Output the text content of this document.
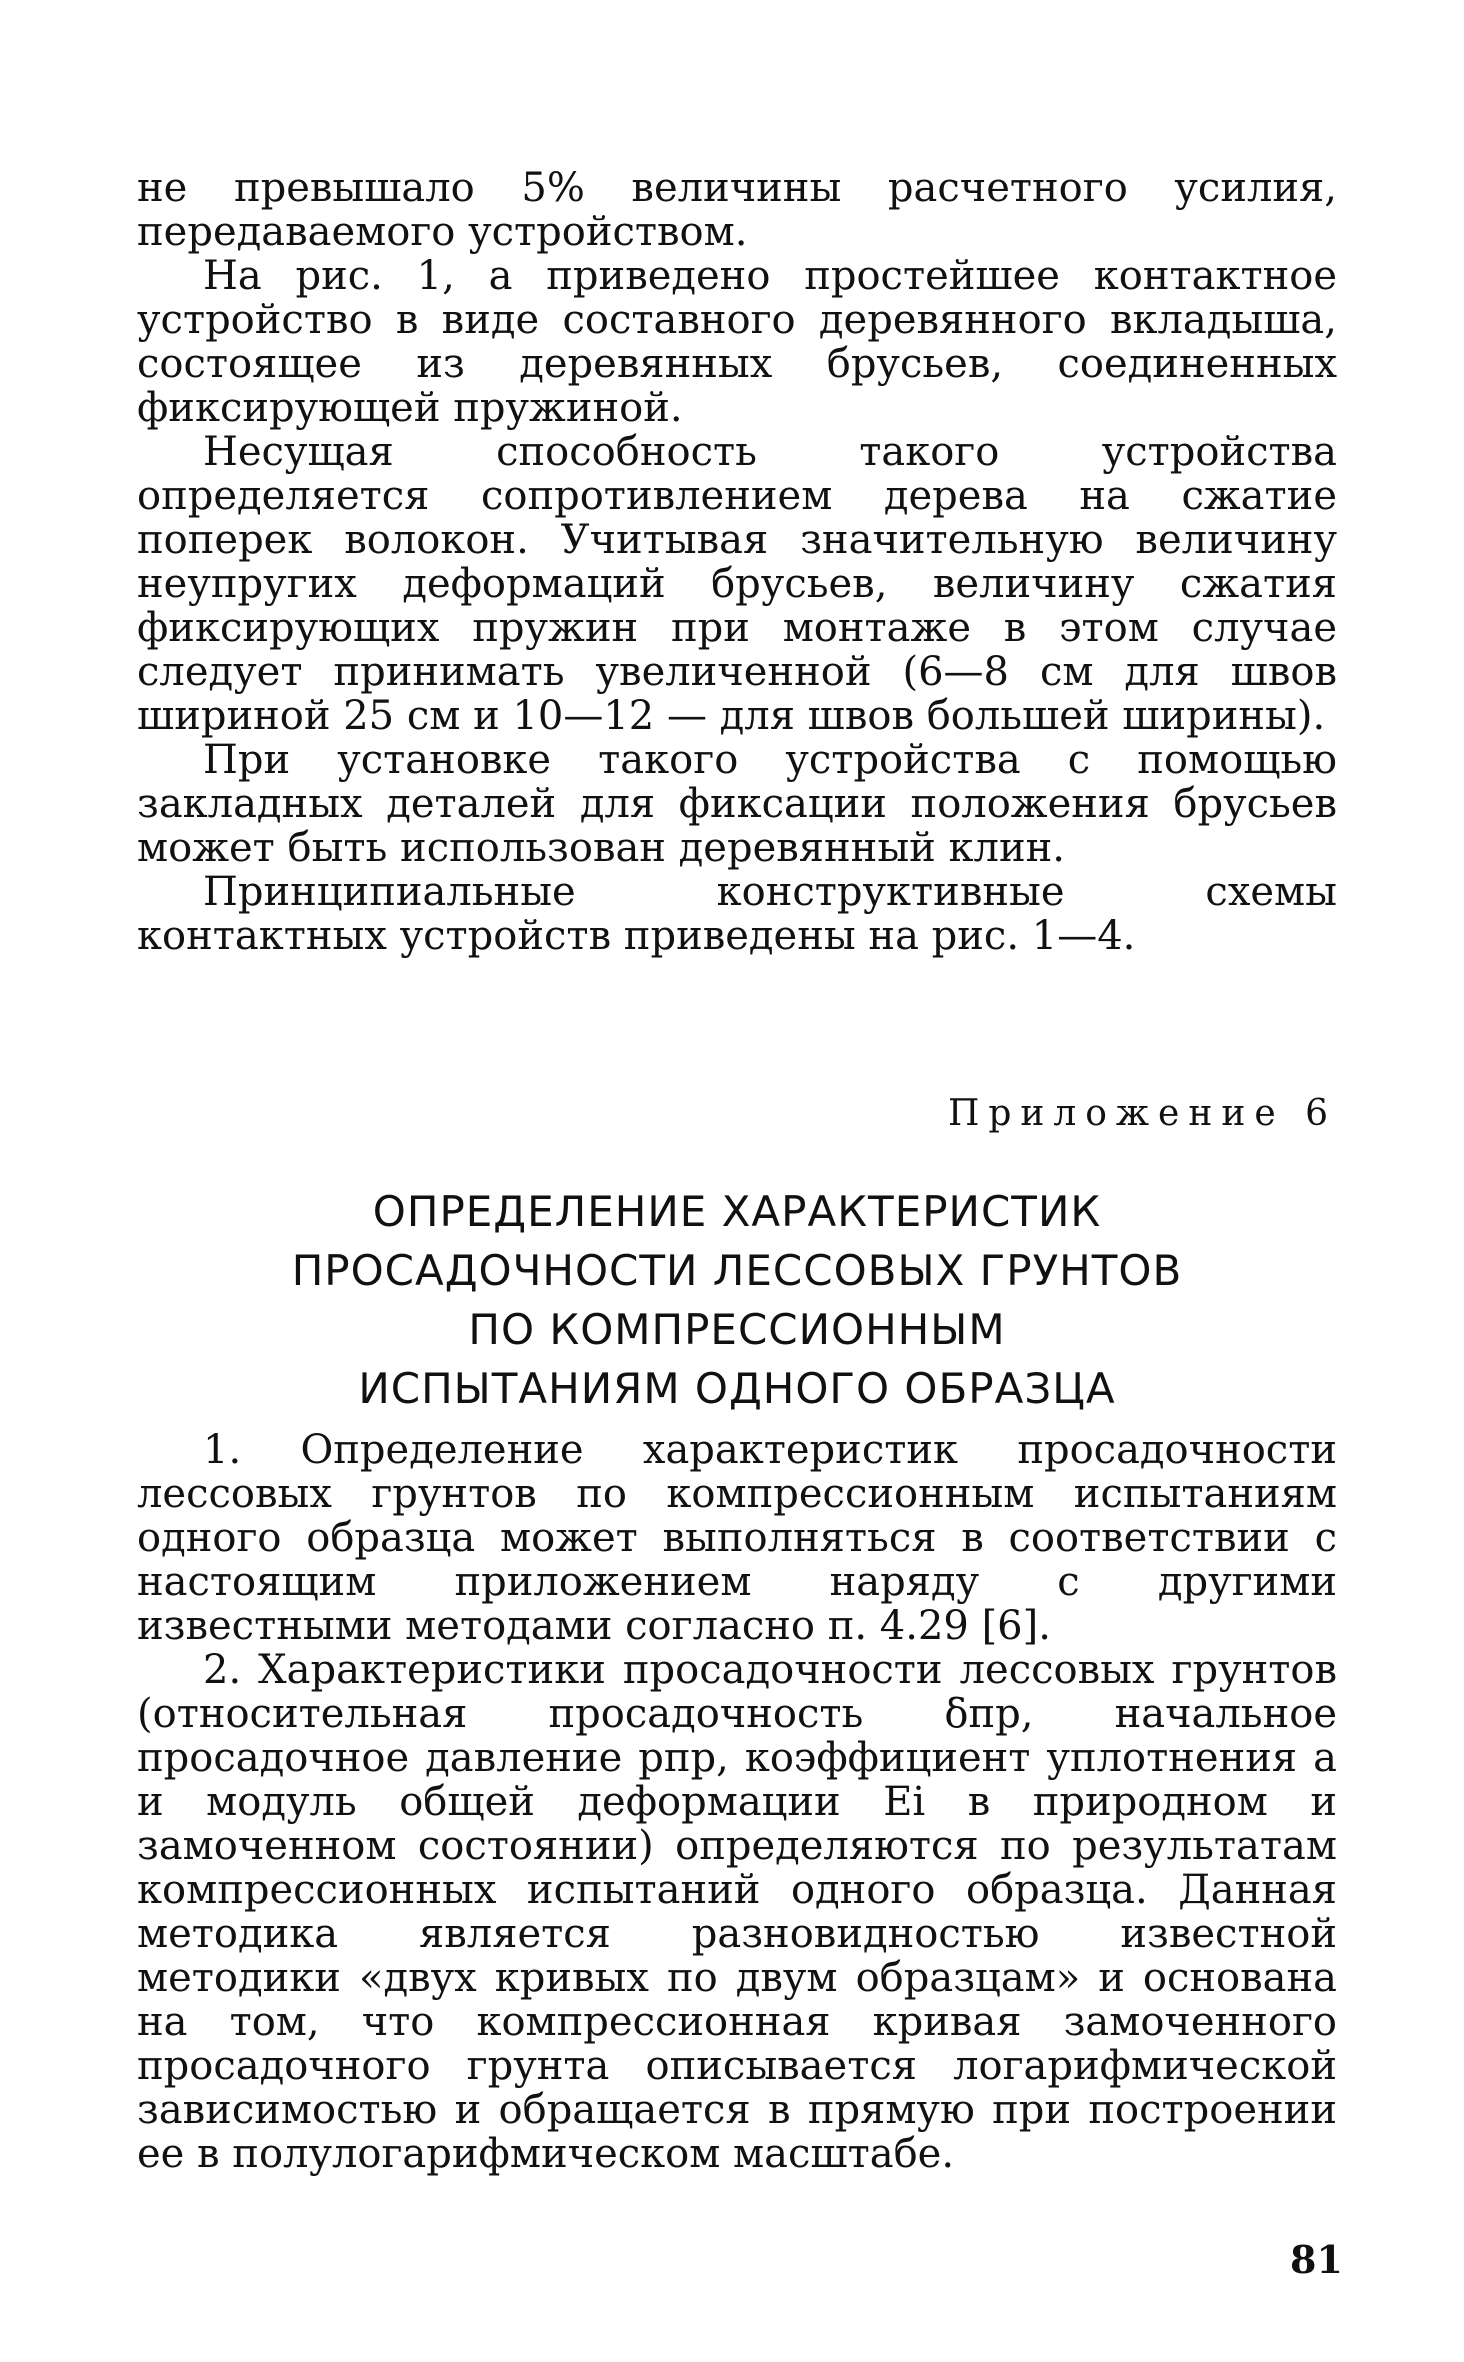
не превышало 5% величины расчетного усилия, передаваемого устройством.

На рис. 1, а приведено простейшее контактное устройство в виде составного деревянного вкладыша, состоящее из деревянных брусьев, соединенных фиксирующей пружиной.

Несущая способность такого устройства определяется сопротивлением дерева на сжатие поперек волокон. Учитывая значительную величину неупругих деформаций брусьев, величину сжатия фиксирующих пружин при монтаже в этом случае следует принимать увеличенной (6—8 см для швов шириной 25 см и 10—12 — для швов большей ширины).

При установке такого устройства с помощью закладных деталей для фиксации положения брусьев может быть использован деревянный клин.

Принципиальные конструктивные схемы контактных устройств приведены на рис. 1—4.

Приложение 6
ОПРЕДЕЛЕНИЕ ХАРАКТЕРИСТИК
ПРОСАДОЧНОСТИ ЛЕССОВЫХ ГРУНТОВ
ПО КОМПРЕССИОННЫМ
ИСПЫТАНИЯМ ОДНОГО ОБРАЗЦА

1. Определение характеристик просадочности лессовых грунтов по компрессионным испытаниям одного образца может выполняться в соответствии с настоящим приложением наряду с другими известными методами согласно п. 4.29 [6].

2. Характеристики просадочности лессовых грунтов (относительная просадочность δпр, начальное просадочное давление pпр, коэффициент уплотнения a и модуль общей деформации Ei в природном и замоченном состоянии) определяются по результатам компрессионных испытаний одного образца. Данная методика является разновидностью известной методики «двух кривых по двум образцам» и основана на том, что компрессионная кривая замоченного просадочного грунта описывается логарифмической зависимостью и обращается в прямую при построении ее в полулогарифмическом масштабе.

81
